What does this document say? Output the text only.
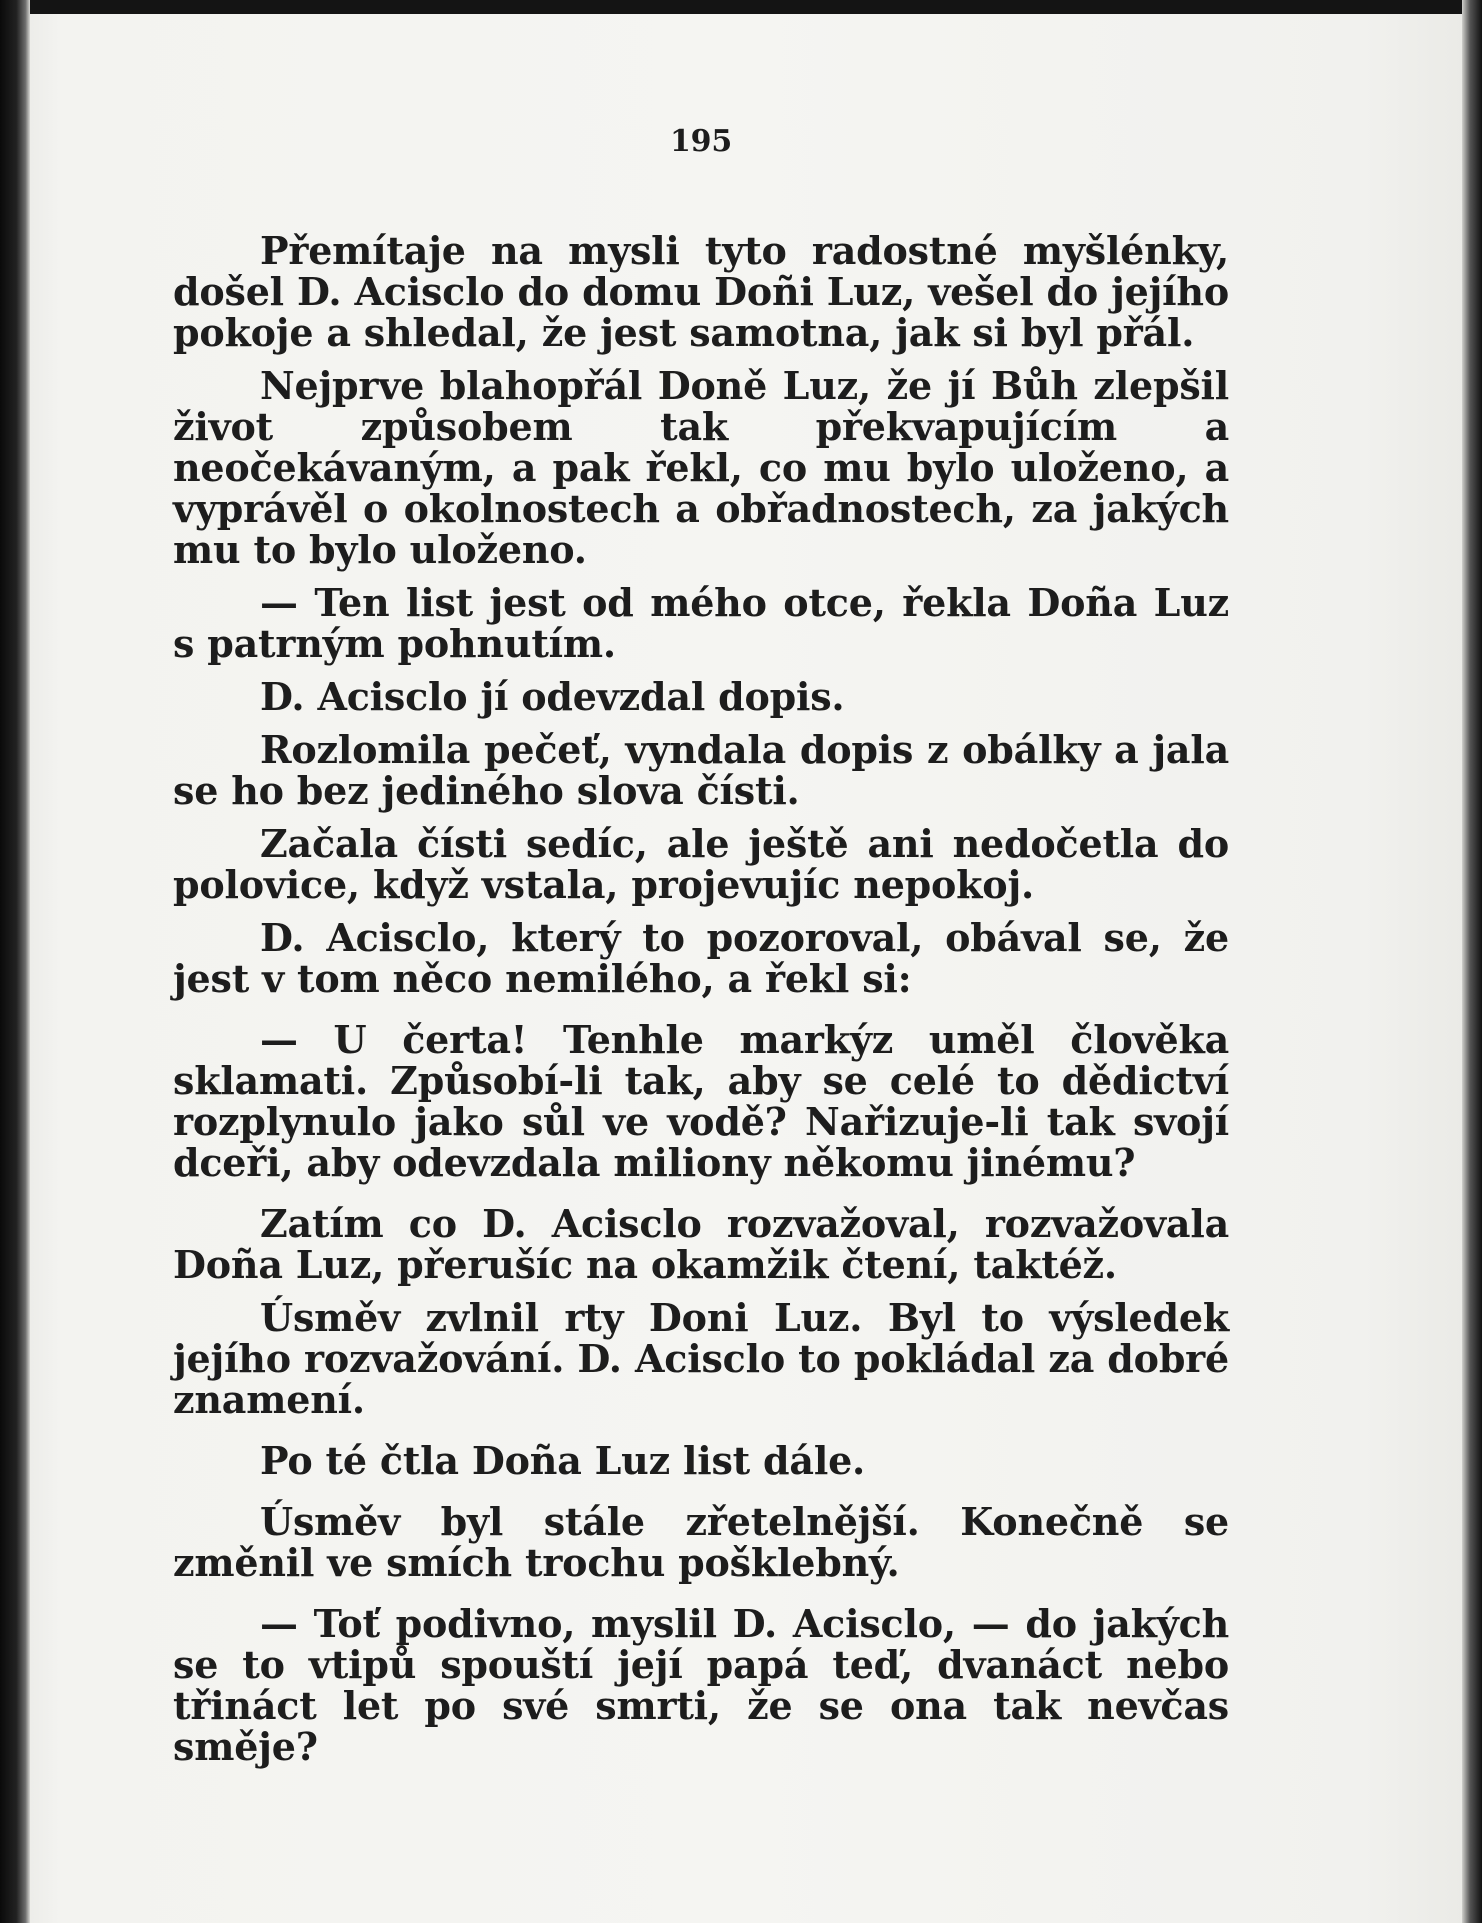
195

Přemítaje na mysli tyto radostné myšlénky, došel D. Acisclo do domu Doñi Luz, vešel do jejího pokoje a shledal, že jest samotna, jak si byl přál.

Nejprve blahopřál Doně Luz, že jí Bůh zlepšil život způsobem tak překvapujícím a neočekávaným, a pak řekl, co mu bylo uloženo, a vyprávěl o okolnostech a obřadnostech, za jakých mu to bylo uloženo.

— Ten list jest od mého otce, řekla Doña Luz s patrným pohnutím.

D. Acisclo jí odevzdal dopis.

Rozlomila pečeť, vyndala dopis z obálky a jala se ho bez jediného slova čísti.

Začala čísti sedíc, ale ještě ani nedočetla do polovice, když vstala, projevujíc nepokoj.

D. Acisclo, který to pozoroval, obával se, že jest v tom něco nemilého, a řekl si:

— U čerta! Tenhle markýz uměl člověka sklamati. Způsobí-li tak, aby se celé to dědictví rozplynulo jako sůl ve vodě? Nařizuje-li tak svojí dceři, aby odevzdala miliony někomu jinému?

Zatím co D. Acisclo rozvažoval, rozvažovala Doña Luz, přerušíc na okamžik čtení, taktéž.

Úsměv zvlnil rty Doni Luz. Byl to výsledek jejího rozvažování. D. Acisclo to pokládal za dobré znamení.

Po té čtla Doña Luz list dále.

Úsměv byl stále zřetelnější. Konečně se změnil ve smích trochu pošklebný.

— Toť podivno, myslil D. Acisclo, — do jakých se to vtipů spouští její papá teď, dvanáct nebo třináct let po své smrti, že se ona tak nevčas směje?
